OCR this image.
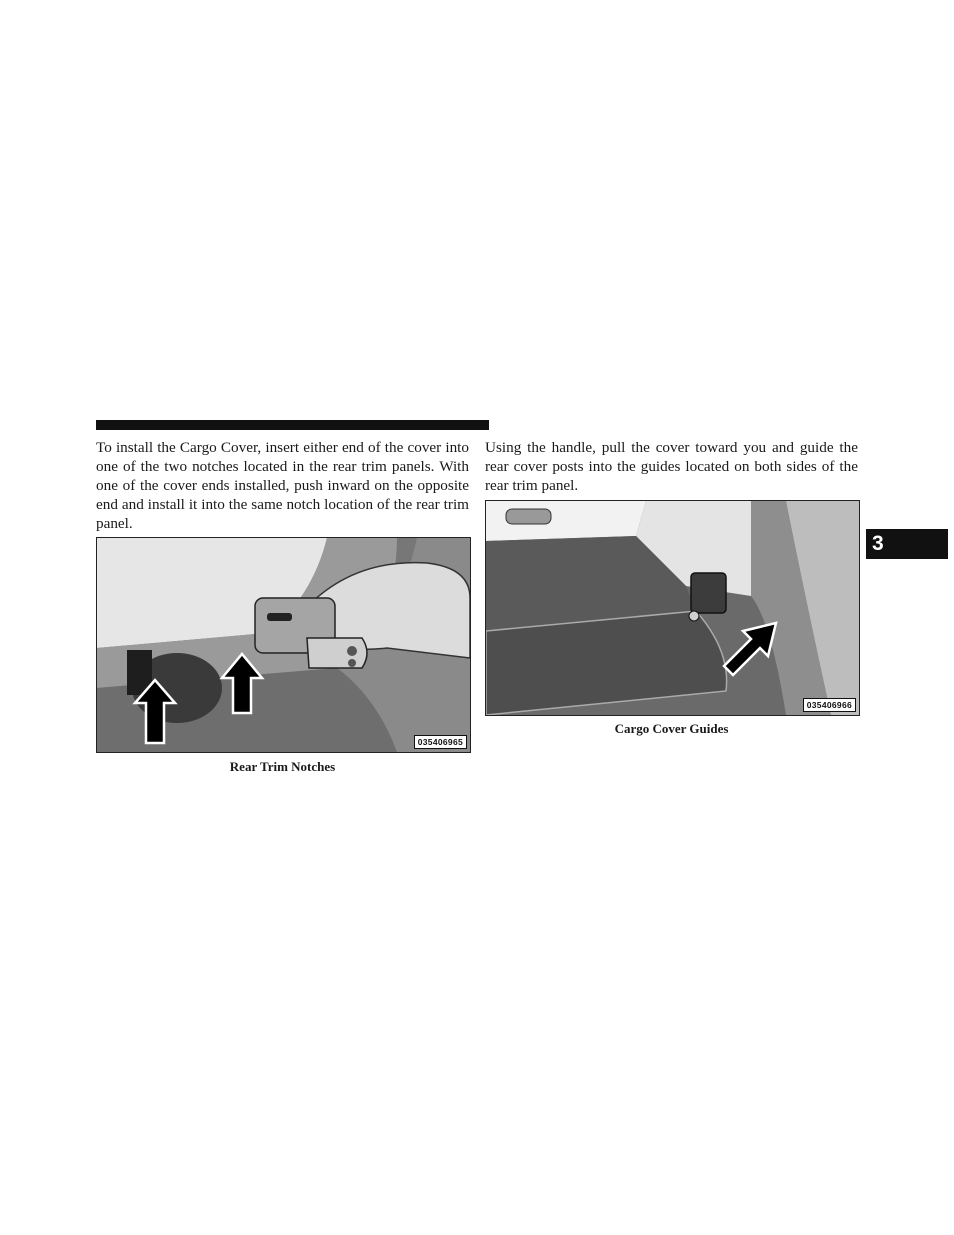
To install the Cargo Cover, insert either end of the cover into one of the two notches located in the rear trim panels. With one of the cover ends installed, push inward on the opposite end and install it into the same notch location of the rear trim panel.

035406965
Rear Trim Notches

Using the handle, pull the cover toward you and guide the rear cover posts into the guides located on both sides of the rear trim panel.

035406966
Cargo Cover Guides
3
